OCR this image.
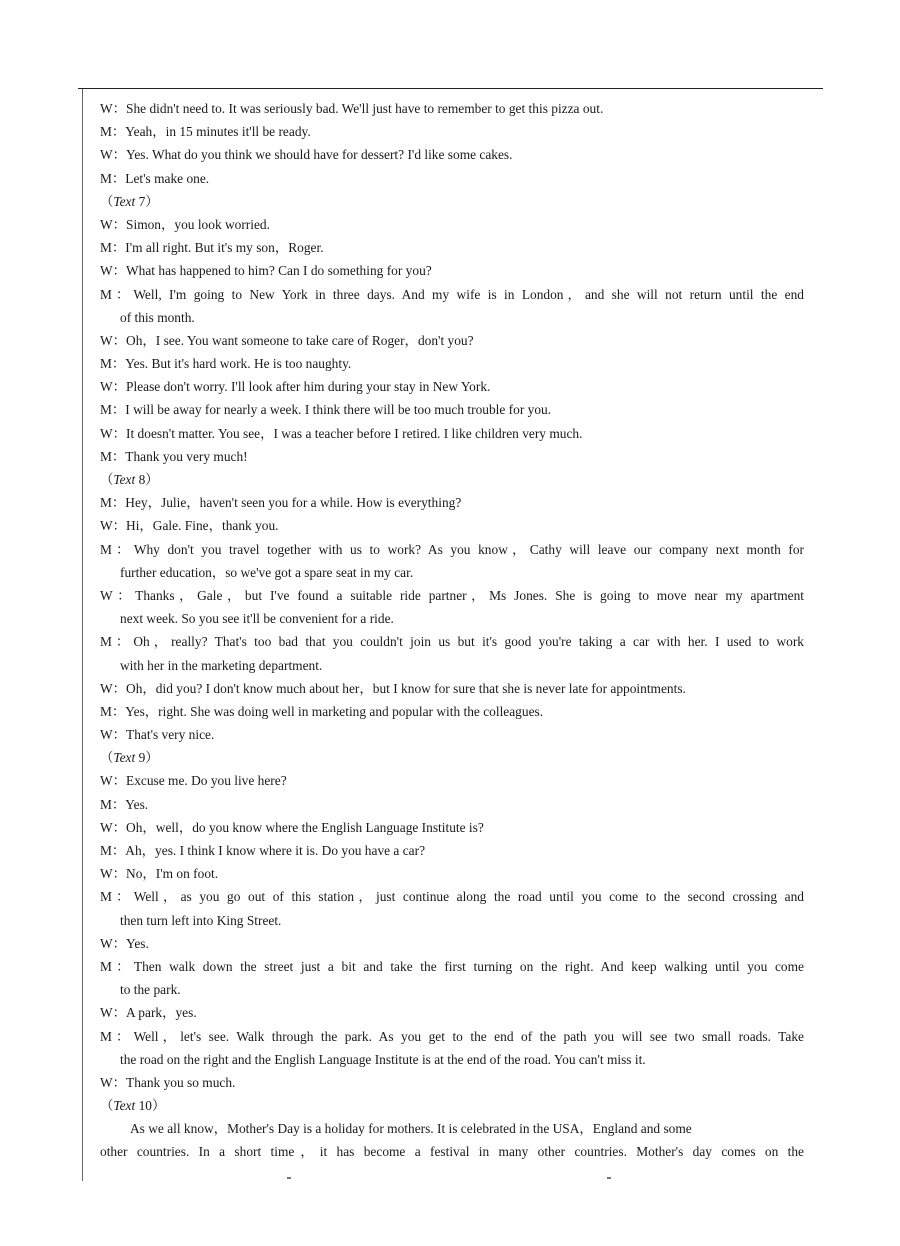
W：She didn't need to. It was seriously bad. We'll just have to remember to get this pizza out.
M：Yeah，in 15 minutes it'll be ready.
W：Yes. What do you think we should have for dessert? I'd like some cakes.
M：Let's make one.
（Text 7）
W：Simon，you look worried.
M：I'm all right. But it's my son，Roger.
W：What has happened to him? Can I do something for you?
M：Well, I'm going to New York in three days. And my wife is in London，and she will not return until the end
of this month.
W：Oh，I see. You want someone to take care of Roger，don't you?
M：Yes. But it's hard work. He is too naughty.
W：Please don't worry. I'll look after him during your stay in New York.
M：I will be away for nearly a week. I think there will be too much trouble for you.
W：It doesn't matter. You see，I was a teacher before I retired. I like children very much.
M：Thank you very much!
（Text 8）
M：Hey，Julie，haven't seen you for a while. How is everything?
W：Hi，Gale. Fine，thank you.
M：Why don't you travel together with us to work? As you know，Cathy will leave our company next month for
further education，so we've got a spare seat in my car.
W：Thanks，Gale，but I've found a suitable ride partner，Ms Jones. She is going to move near my apartment
next week. So you see it'll be convenient for a ride.
M：Oh，really? That's too bad that you couldn't join us but it's good you're taking a car with her. I used to work
with her in the marketing department.
W：Oh，did you? I don't know much about her，but I know for sure that she is never late for appointments.
M：Yes，right. She was doing well in marketing and popular with the colleagues.
W：That's very nice.
（Text 9）
W：Excuse me. Do you live here?
M：Yes.
W：Oh，well，do you know where the English Language Institute is?
M：Ah，yes. I think I know where it is. Do you have a car?
W：No，I'm on foot.
M：Well，as you go out of this station，just continue along the road until you come to the second crossing and
then turn left into King Street.
W：Yes.
M：Then walk down the street just a bit and take the first turning on the right. And keep walking until you come
to the park.
W：A park，yes.
M：Well，let's see. Walk through the park. As you get to the end of the path you will see two small roads. Take
the road on the right and the English Language Institute is at the end of the road. You can't miss it.
W：Thank you so much.
（Text 10）
As we all know，Mother's Day is a holiday for mothers. It is celebrated in the USA，England and some
other countries. In a short time，it has become a festival in many other countries. Mother's day comes on the
